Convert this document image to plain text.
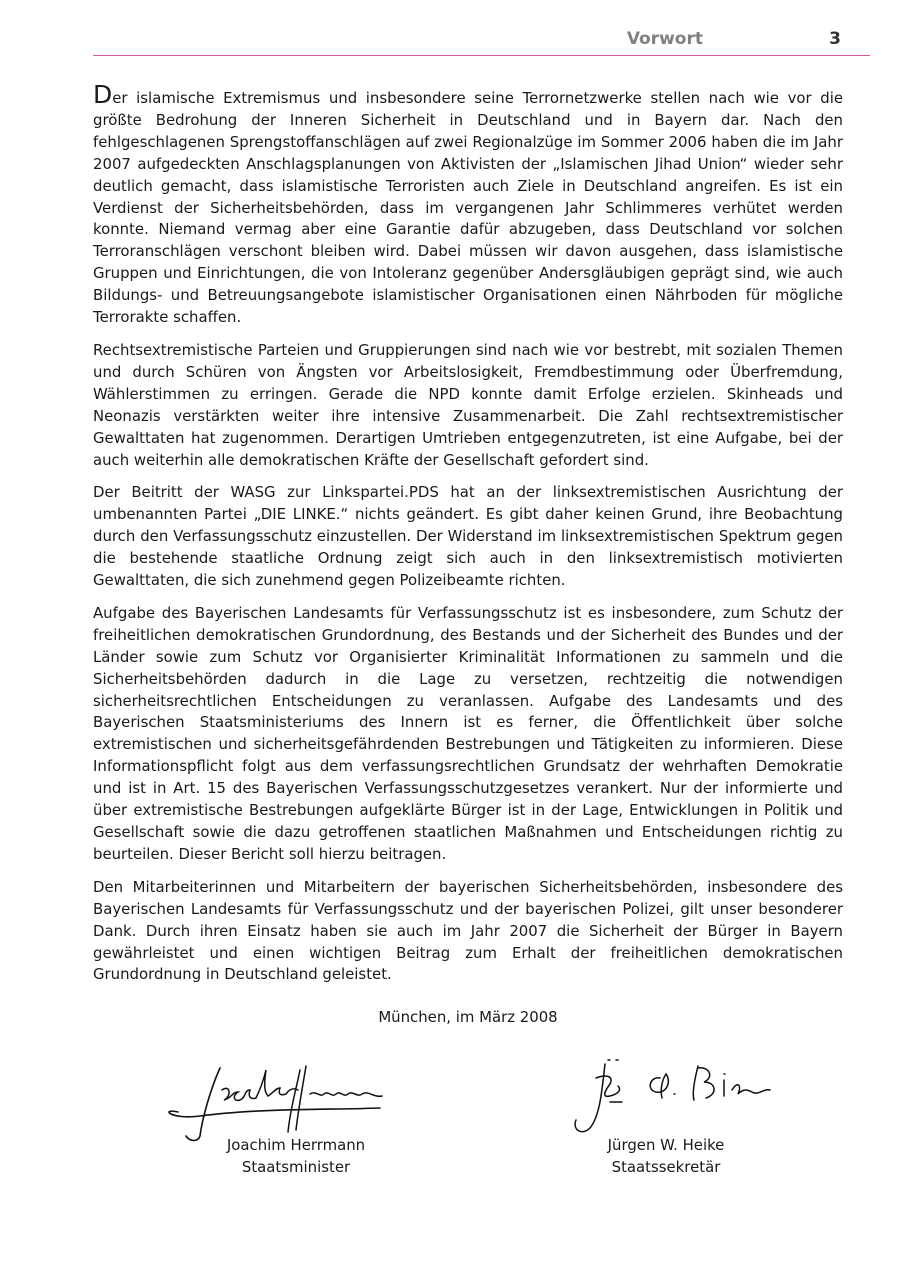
Vorwort	3

Der islamische Extremismus und insbesondere seine Terrornetzwerke stellen nach wie vor die größte Bedrohung der Inneren Sicherheit in Deutschland und in Bayern dar. Nach den fehlgeschlagenen Sprengstoffanschlägen auf zwei Regionalzüge im Sommer 2006 haben die im Jahr 2007 aufgedeckten Anschlagsplanungen von Aktivisten der „Islamischen Jihad Union“ wieder sehr deutlich gemacht, dass islamistische Terroristen auch Ziele in Deutschland angreifen. Es ist ein Verdienst der Sicherheitsbehörden, dass im vergangenen Jahr Schlimmeres verhütet werden konnte. Niemand vermag aber eine Garantie dafür abzugeben, dass Deutschland vor solchen Terroranschlägen verschont bleiben wird. Dabei müssen wir davon ausgehen, dass islamistische Gruppen und Einrichtungen, die von Intoleranz gegenüber Andersgläubigen geprägt sind, wie auch Bildungs- und Betreuungsangebote islamistischer Organisationen einen Nährboden für mögliche Terrorakte schaffen.

Rechtsextremistische Parteien und Gruppierungen sind nach wie vor bestrebt, mit sozialen Themen und durch Schüren von Ängsten vor Arbeitslosigkeit, Fremdbestimmung oder Überfremdung, Wählerstimmen zu erringen. Gerade die NPD konnte damit Erfolge erzielen. Skinheads und Neonazis verstärkten weiter ihre intensive Zusammenarbeit. Die Zahl rechtsextremistischer Gewalttaten hat zugenommen. Derartigen Umtrieben entgegenzutreten, ist eine Aufgabe, bei der auch weiterhin alle demokratischen Kräfte der Gesellschaft gefordert sind.

Der Beitritt der WASG zur Linkspartei.PDS hat an der linksextremistischen Ausrichtung der umbenannten Partei „DIE LINKE.“ nichts geändert. Es gibt daher keinen Grund, ihre Beobachtung durch den Verfassungsschutz einzustellen. Der Widerstand im linksextremistischen Spektrum gegen die bestehende staatliche Ordnung zeigt sich auch in den linksextremistisch motivierten Gewalttaten, die sich zunehmend gegen Polizeibeamte richten.

Aufgabe des Bayerischen Landesamts für Verfassungsschutz ist es insbesondere, zum Schutz der freiheitlichen demokratischen Grundordnung, des Bestands und der Sicherheit des Bundes und der Länder sowie zum Schutz vor Organisierter Kriminalität Informationen zu sammeln und die Sicherheitsbehörden dadurch in die Lage zu versetzen, rechtzeitig die notwendigen sicherheitsrechtlichen Entscheidungen zu veranlassen. Aufgabe des Landesamts und des Bayerischen Staatsministeriums des Innern ist es ferner, die Öffentlichkeit über solche extremistischen und sicherheitsgefährdenden Bestrebungen und Tätigkeiten zu informieren. Diese Informationspflicht folgt aus dem verfassungsrechtlichen Grundsatz der wehrhaften Demokratie und ist in Art. 15 des Bayerischen Verfassungsschutzgesetzes verankert. Nur der informierte und über extremistische Bestrebungen aufgeklärte Bürger ist in der Lage, Entwicklungen in Politik und Gesellschaft sowie die dazu getroffenen staatlichen Maßnahmen und Entscheidungen richtig zu beurteilen. Dieser Bericht soll hierzu beitragen.

Den Mitarbeiterinnen und Mitarbeitern der bayerischen Sicherheitsbehörden, insbesondere des Bayerischen Landesamts für Verfassungsschutz und der bayerischen Polizei, gilt unser besonderer Dank. Durch ihren Einsatz haben sie auch im Jahr 2007 die Sicherheit der Bürger in Bayern gewährleistet und einen wichtigen Beitrag zum Erhalt der freiheitlichen demokratischen Grundordnung in Deutschland geleistet.

München, im März 2008
Joachim Herrmann
Staatsminister
Jürgen W. Heike
Staatssekretär
